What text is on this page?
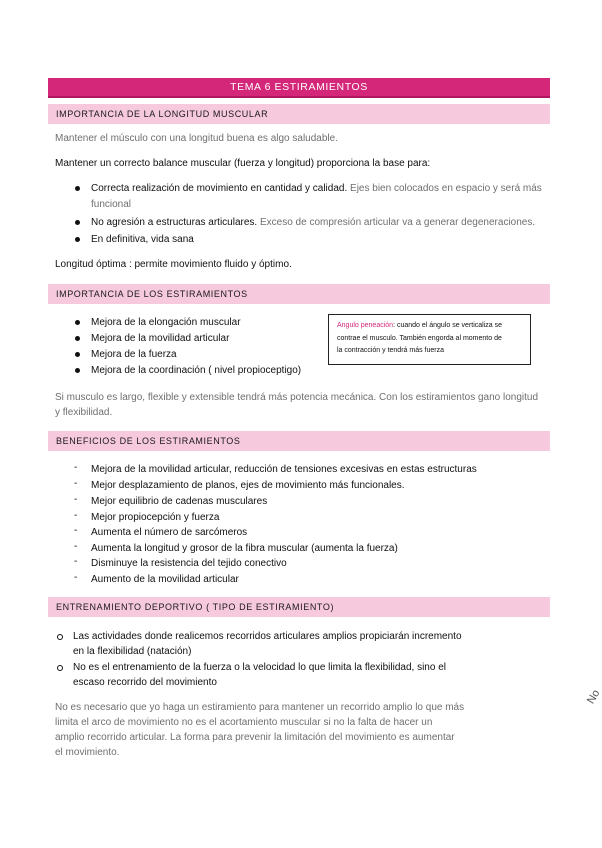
TEMA 6 ESTIRAMIENTOS
IMPORTANCIA DE LA LONGITUD MUSCULAR
Mantener el músculo con una longitud buena es algo saludable.
Mantener un correcto balance muscular (fuerza y longitud) proporciona la base para:
Correcta realización de movimiento en cantidad y calidad. Ejes bien colocados en espacio y será más
funcional
No agresión a estructuras articulares. Exceso de compresión articular va a generar degeneraciones.
En definitiva, vida sana
Longitud óptima : permite movimiento fluido y óptimo.
IMPORTANCIA DE LOS ESTIRAMIENTOS
Mejora de la elongación muscular
Mejora de la movilidad articular
Mejora de la fuerza
Mejora de la coordinación ( nivel propioceptigo)
Angulo peneación: cuando el ángulo se verticaliza se
contrae el musculo. También engorda al momento de
la contracción y tendrá más fuerza
Si musculo es largo, flexible y extensible tendrá más potencia mecánica. Con los estiramientos gano longitud
y flexibilidad.
BENEFICIOS DE LOS ESTIRAMIENTOS
- Mejora de la movilidad articular, reducción de tensiones excesivas en estas estructuras
- Mejor desplazamiento de planos, ejes de movimiento más funcionales.
- Mejor equilibrio de cadenas musculares
- Mejor propiocepción y fuerza
- Aumenta el número de sarcómeros
- Aumenta la longitud y grosor de la fibra muscular (aumenta la fuerza)
- Disminuye la resistencia del tejido conectivo
- Aumento de la movilidad articular
ENTRENAMIENTO DEPORTIVO ( TIPO DE ESTIRAMIENTO)
Las actividades donde realicemos recorridos articulares amplios propiciarán incremento
en la flexibilidad (natación)
No es el entrenamiento de la fuerza o la velocidad lo que limita la flexibilidad, sino el
escaso recorrido del movimiento
No es necesario que yo haga un estiramiento para mantener un recorrido amplio lo que más
limita el arco de movimiento no es el acortamiento muscular si no la falta de hacer un
amplio recorrido articular. La forma para prevenir la limitación del movimiento es aumentar
el movimiento.
No
